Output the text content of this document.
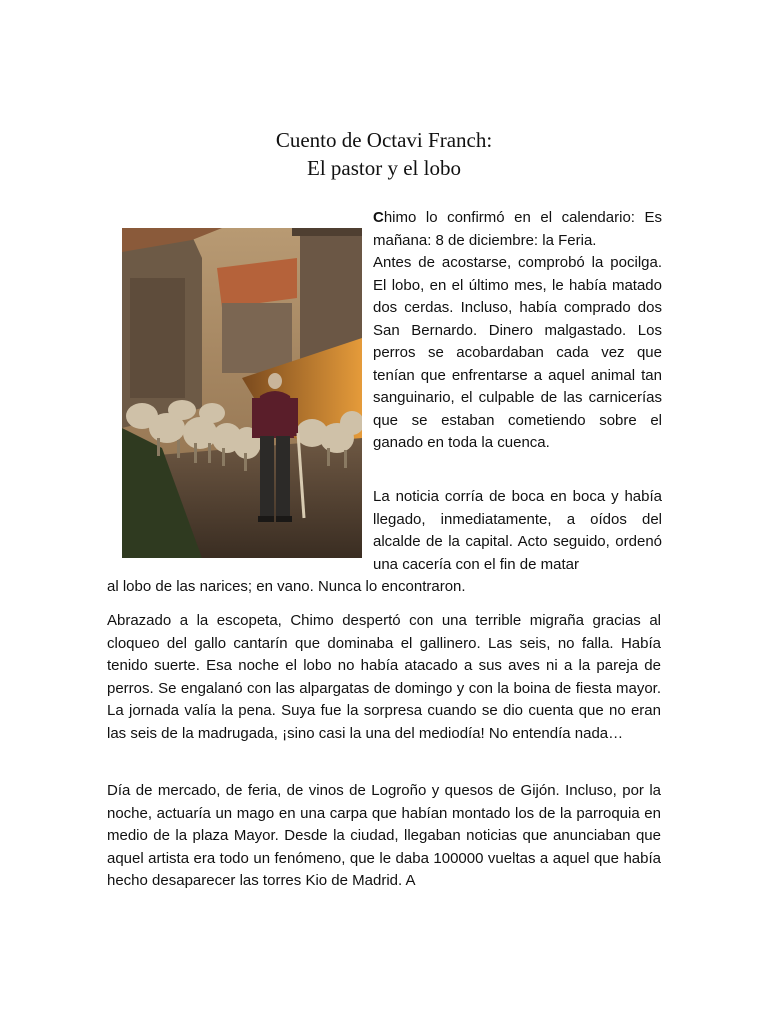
Cuento de Octavi Franch:
El pastor y el lobo

Chimo lo confirmó en el calendario: Es mañana: 8 de diciembre: la Feria.

Antes de acostarse, comprobó la pocilga. El lobo, en el último mes, le había matado dos cerdas. Incluso, había comprado dos San Bernardo. Dinero malgastado. Los perros se acobardaban cada vez que tenían que enfrentarse a aquel animal tan sanguinario, el culpable de las carnicerías que se estaban cometiendo sobre el ganado en toda la cuenca.

La noticia corría de boca en boca y había llegado, inmediatamente, a oídos del alcalde de la capital. Acto seguido, ordenó una cacería con el fin de matar

al lobo de las narices; en vano. Nunca lo encontraron.

Abrazado a la escopeta, Chimo despertó con una terrible migraña gracias al cloqueo del gallo cantarín que dominaba el gallinero. Las seis, no falla. Había tenido suerte. Esa noche el lobo no había atacado a sus aves ni a la pareja de perros. Se engalanó con las alpargatas de domingo y con la boina de fiesta mayor. La jornada valía la pena. Suya fue la sorpresa cuando se dio cuenta que no eran las seis de la madrugada, ¡sino casi la una del mediodía! No entendía nada…

Día de mercado, de feria, de vinos de Logroño y quesos de Gijón. Incluso, por la noche, actuaría un mago en una carpa que habían montado los de la parroquia en medio de la plaza Mayor. Desde la ciudad, llegaban noticias que anunciaban que aquel artista era todo un fenómeno, que le daba 100000 vueltas a aquel que había hecho desaparecer las torres Kio de Madrid. A
